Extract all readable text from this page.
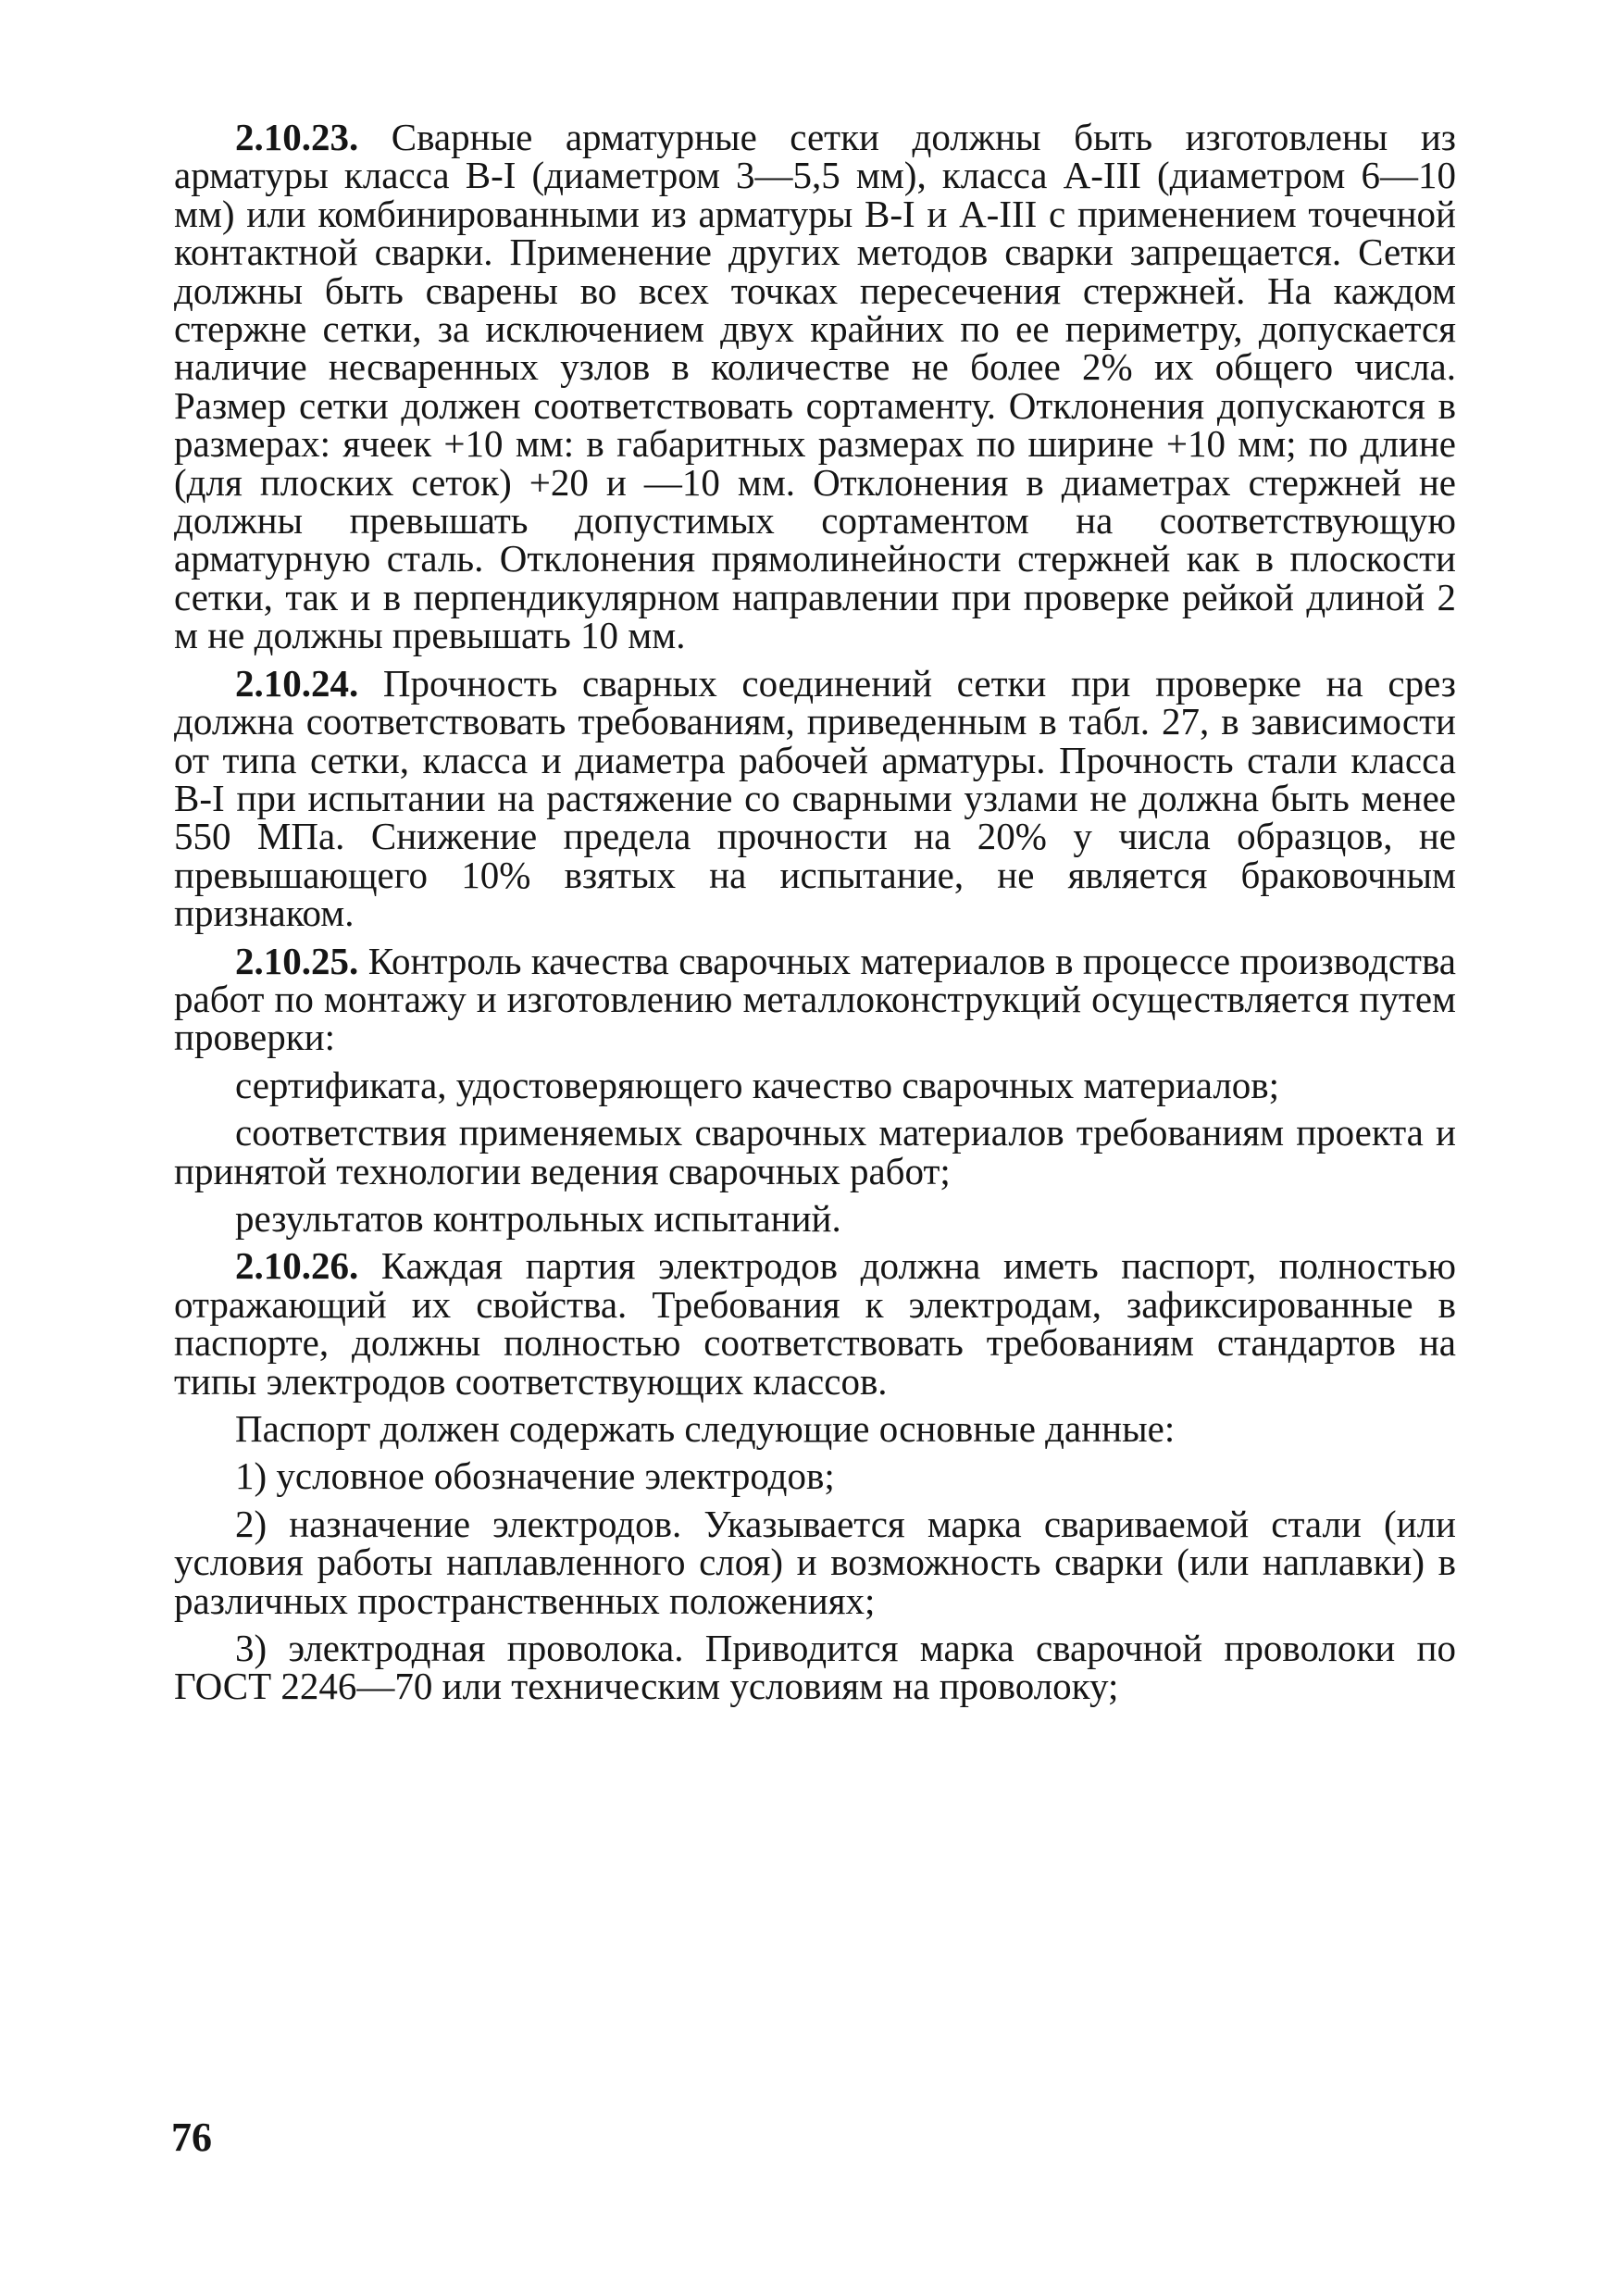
2.10.23. Сварные арматурные сетки должны быть изготовлены из арматуры класса В-I (диаметром 3—5,5 мм), класса А-III (диаметром 6—10 мм) или комбинированными из арматуры В-I и А-III с применением точечной контактной сварки. Применение других методов сварки запрещается. Сетки должны быть сварены во всех точках пересечения стержней. На каждом стержне сетки, за исключением двух крайних по ее периметру, допускается наличие несваренных узлов в количестве не более 2% их общего числа. Размер сетки должен соответствовать сортаменту. Отклонения допускаются в размерах: ячеек +10 мм: в габаритных размерах по ширине +10 мм; по длине (для плоских сеток) +20 и —10 мм. Отклонения в диаметрах стержней не должны превышать допустимых сортаментом на соответствующую арматурную сталь. Отклонения прямолинейности стержней как в плоскости сетки, так и в перпендикулярном направлении при проверке рейкой длиной 2 м не должны превышать 10 мм.

2.10.24. Прочность сварных соединений сетки при проверке на срез должна соответствовать требованиям, приведенным в табл. 27, в зависимости от типа сетки, класса и диаметра рабочей арматуры. Прочность стали класса В-I при испытании на растяжение со сварными узлами не должна быть менее 550 МПа. Снижение предела прочности на 20% у числа образцов, не превышающего 10% взятых на испытание, не является браковочным признаком.

2.10.25. Контроль качества сварочных материалов в процессе производства работ по монтажу и изготовлению металлоконструкций осуществляется путем проверки:

сертификата, удостоверяющего качество сварочных материалов;

соответствия применяемых сварочных материалов требованиям проекта и принятой технологии ведения сварочных работ;

результатов контрольных испытаний.

2.10.26. Каждая партия электродов должна иметь паспорт, полностью отражающий их свойства. Требования к электродам, зафиксированные в паспорте, должны полностью соответствовать требованиям стандартов на типы электродов соответствующих классов.

Паспорт должен содержать следующие основные данные:

1) условное обозначение электродов;

2) назначение электродов. Указывается марка свариваемой стали (или условия работы наплавленного слоя) и возможность сварки (или наплавки) в различных пространственных положениях;

3) электродная проволока. Приводится марка сварочной проволоки по ГОСТ 2246—70 или техническим условиям на проволоку;

76
